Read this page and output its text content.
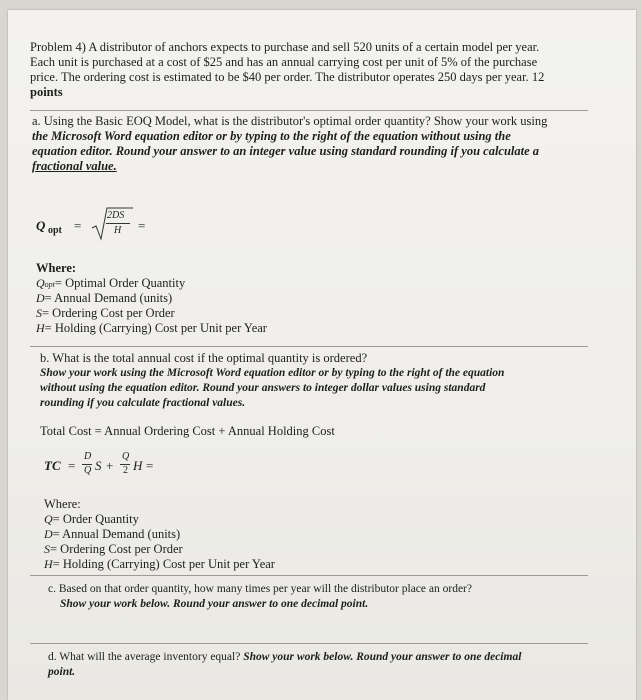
Problem 4) A distributor of anchors expects to purchase and sell 520 units of a certain model per year.
Each unit is purchased at a cost of $25 and has an annual carrying cost per unit of 5% of the purchase
price. The ordering cost is estimated to be $40 per order. The distributor operates 250 days per year. 12
points
a. Using the Basic EOQ Model, what is the distributor's optimal order quantity? Show your work using
the Microsoft Word equation editor or by typing to the right of the equation without using the
equation editor. Round your answer to an integer value using standard rounding if you calculate a
fractional value.
Q opt =
2DS
H =
Where:
Qopt= Optimal Order Quantity
D= Annual Demand (units)
S= Ordering Cost per Order
H= Holding (Carrying) Cost per Unit per Year
b. What is the total annual cost if the optimal quantity is ordered?
Show your work using the Microsoft Word equation editor or by typing to the right of the equation
without using the equation editor. Round your answers to integer dollar values using standard
rounding if you calculate fractional values.
Total Cost = Annual Ordering Cost + Annual Holding Cost
TC =
D
Q S +
Q
2 H =
Where:
Q= Order Quantity
D= Annual Demand (units)
S= Ordering Cost per Order
H= Holding (Carrying) Cost per Unit per Year
c. Based on that order quantity, how many times per year will the distributor place an order?
Show your work below. Round your answer to one decimal point.
d. What will the average inventory equal? Show your work below. Round your answer to one decimal
point.
